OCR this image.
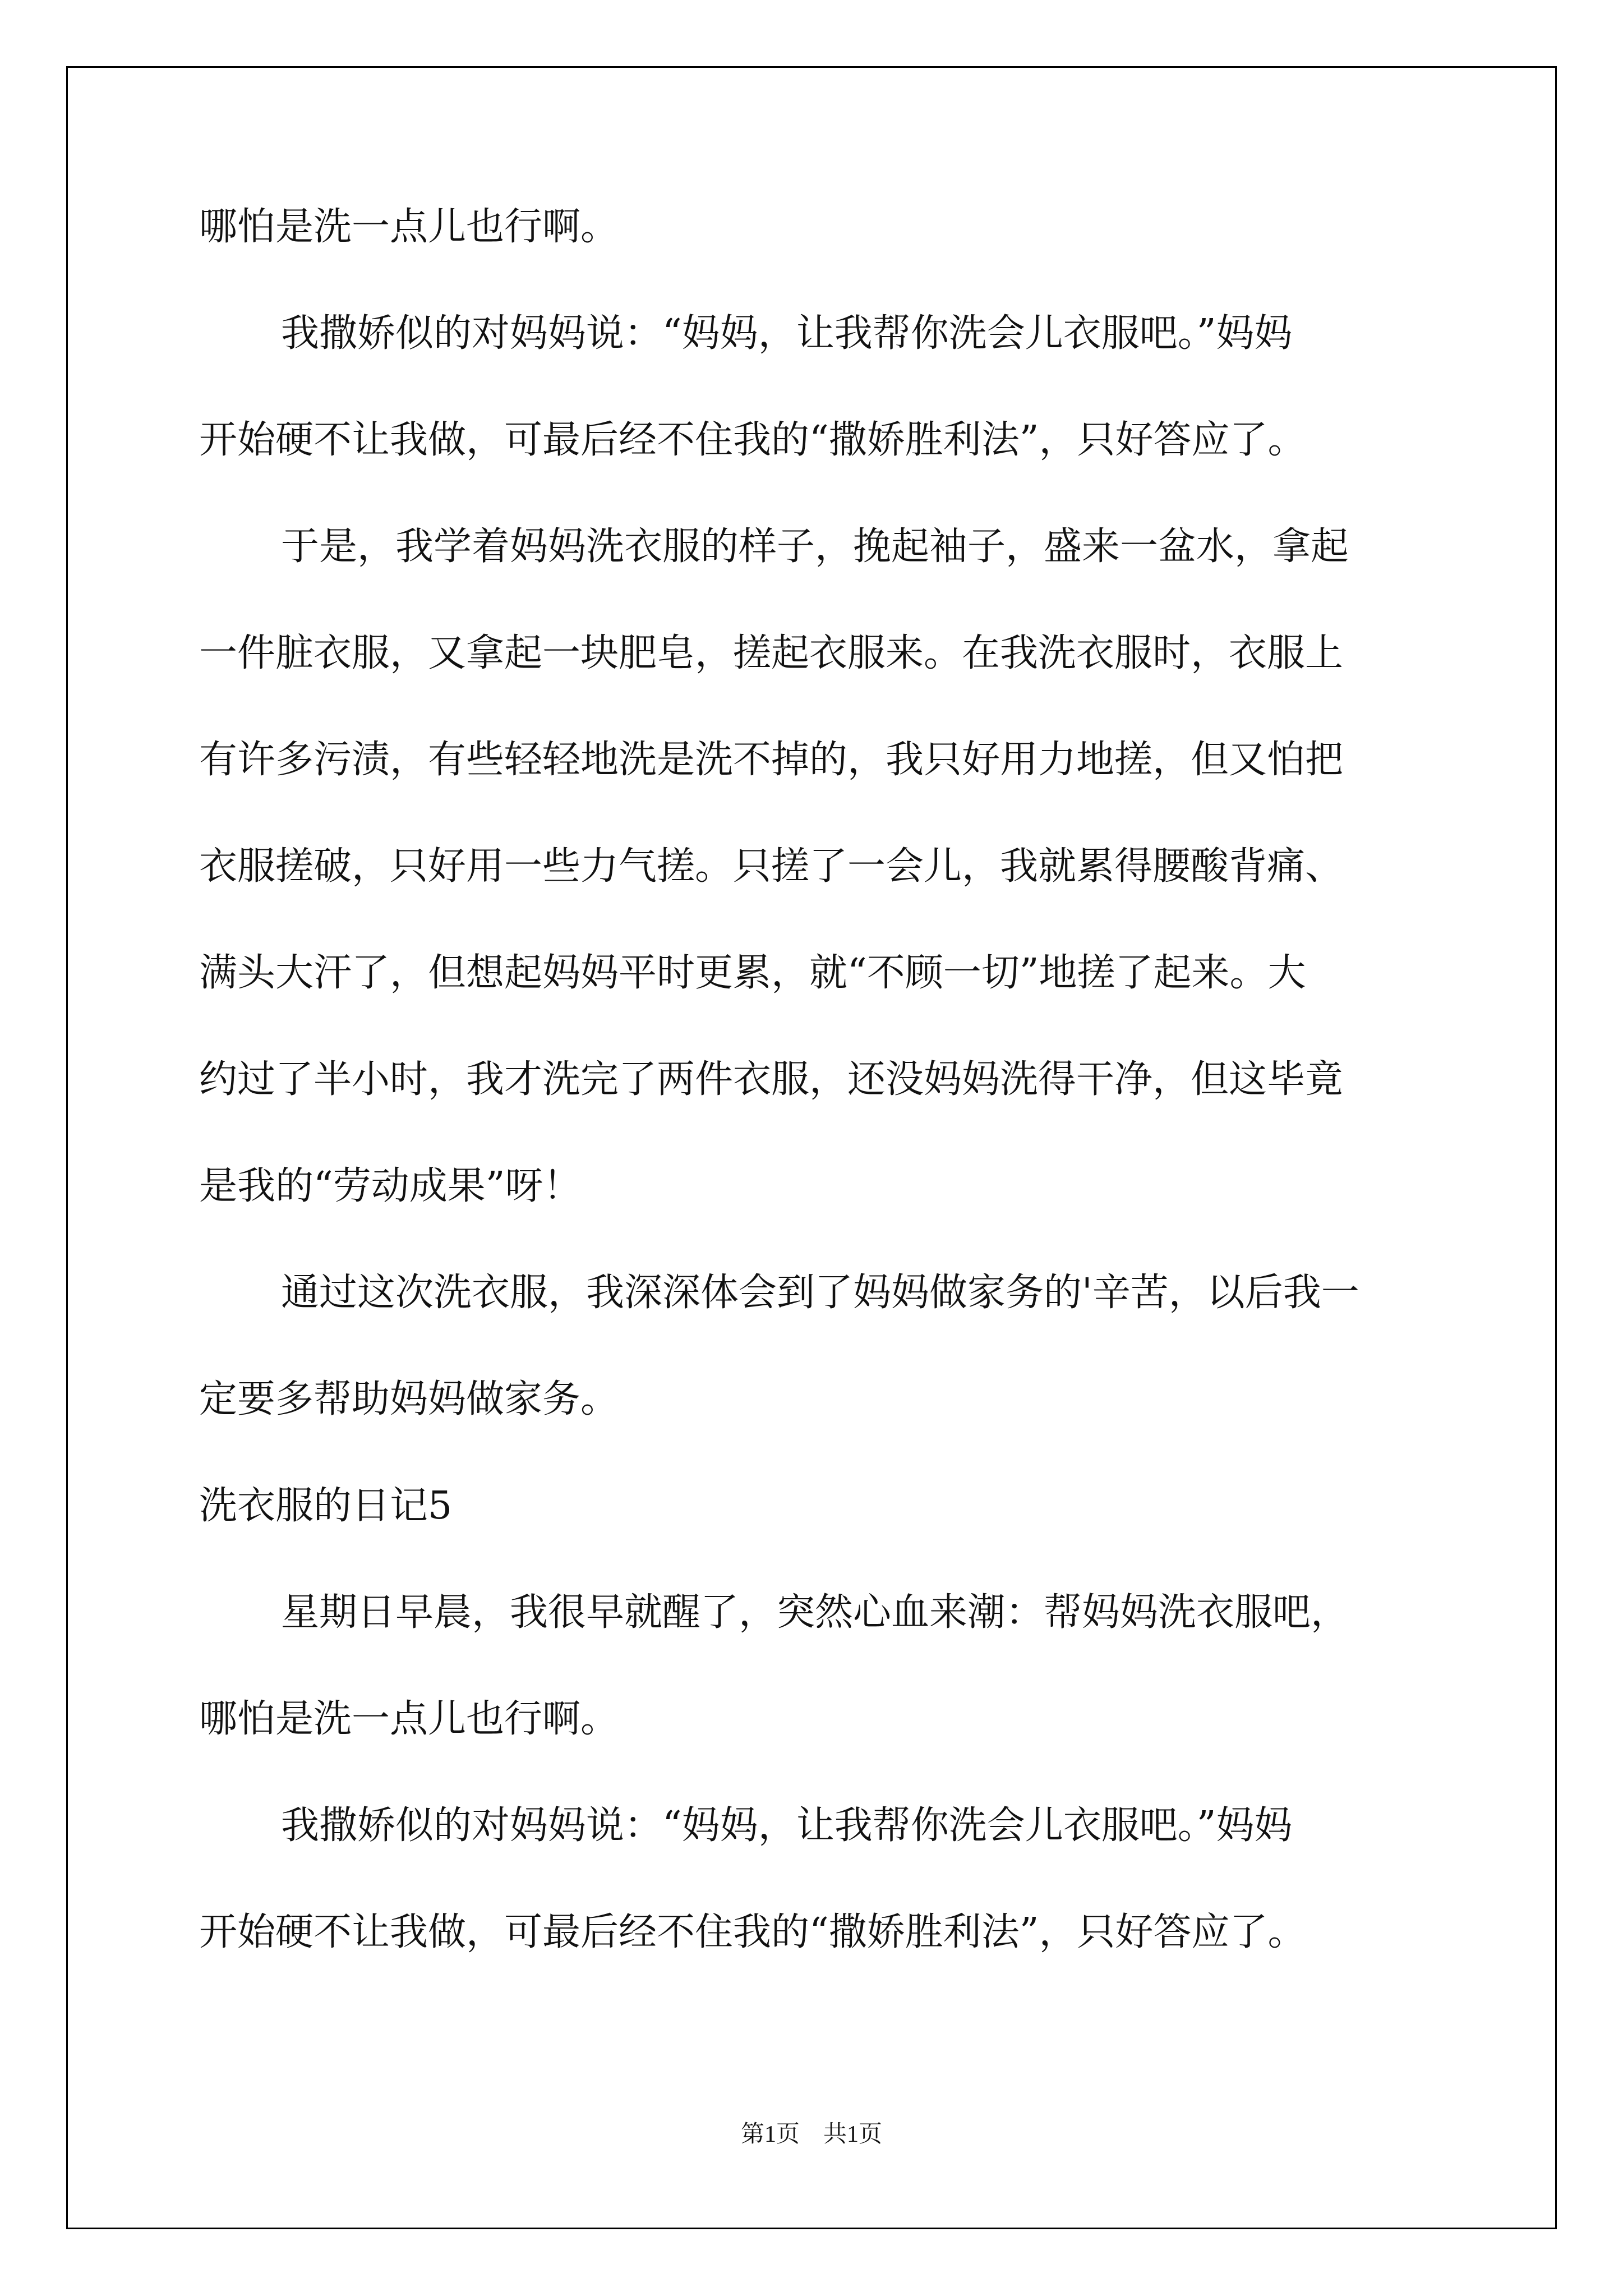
哪怕是洗一点儿也行啊。
我撒娇似的对妈妈说：“妈妈，让我帮你洗会儿衣服吧。”妈妈
开始硬不让我做，可最后经不住我的“撒娇胜利法”，只好答应了。
于是，我学着妈妈洗衣服的样子，挽起袖子，盛来一盆水，拿起
一件脏衣服，又拿起一块肥皂，搓起衣服来。在我洗衣服时，衣服上
有许多污渍，有些轻轻地洗是洗不掉的，我只好用力地搓，但又怕把
衣服搓破，只好用一些力气搓。只搓了一会儿，我就累得腰酸背痛、
满头大汗了，但想起妈妈平时更累，就“不顾一切”地搓了起来。大
约过了半小时，我才洗完了两件衣服，还没妈妈洗得干净，但这毕竟
是我的“劳动成果”呀！
通过这次洗衣服，我深深体会到了妈妈做家务的'辛苦，以后我一
定要多帮助妈妈做家务。
洗衣服的日记5
星期日早晨，我很早就醒了，突然心血来潮：帮妈妈洗衣服吧，
哪怕是洗一点儿也行啊。
我撒娇似的对妈妈说：“妈妈，让我帮你洗会儿衣服吧。”妈妈
开始硬不让我做，可最后经不住我的“撒娇胜利法”，只好答应了。
第1页　共1页
